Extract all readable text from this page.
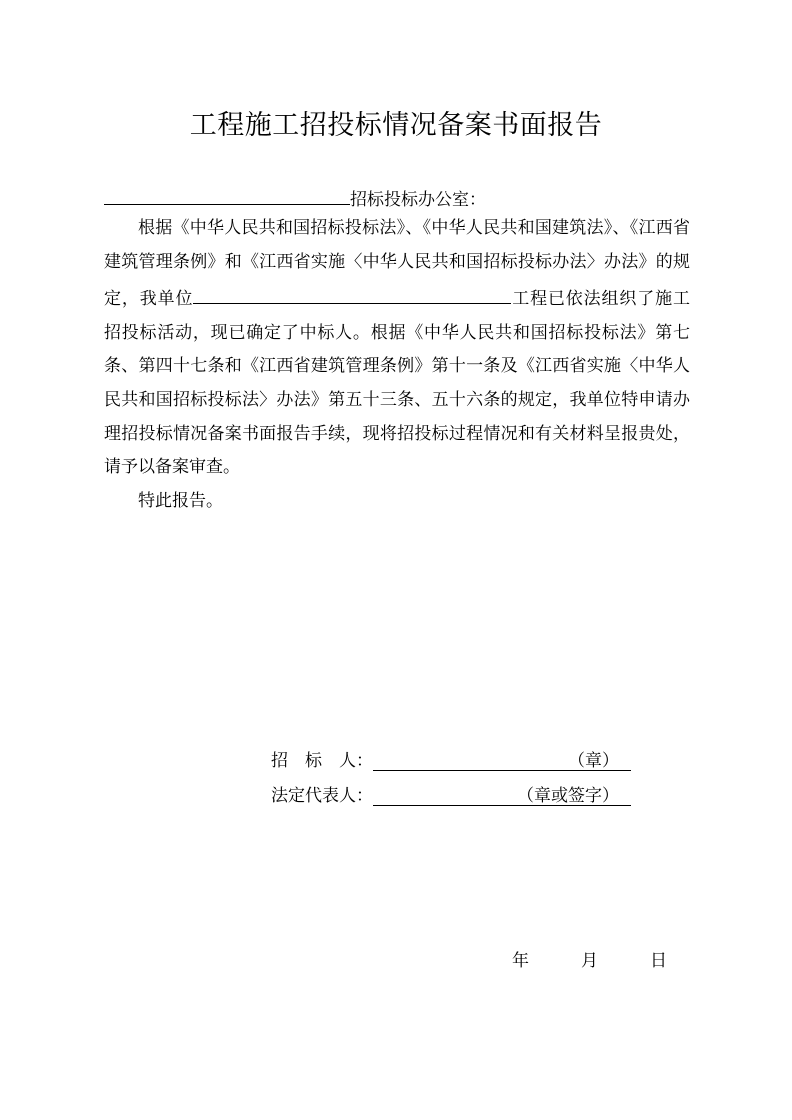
工程施工招投标情况备案书面报告
招标投标办公室：

根据《中华人民共和国招标投标法》、《中华人民共和国建筑法》、《江西省建筑管理条例》和《江西省实施〈中华人民共和国招标投标办法〉办法》的规定，我单位	工程已依法组织了施工招投标活动，现已确定了中标人。根据《中华人民共和国招标投标法》第七条、第四十七条和《江西省建筑管理条例》第十一条及《江西省实施〈中华人民共和国招标投标法〉办法》第五十三条、五十六条的规定，我单位特申请办理招投标情况备案书面报告手续，现将招投标过程情况和有关材料呈报贵处，请予以备案审查。

特此报告。

招　标　人：	（章）
法定代表人：	（章或签字）
年	月	日
